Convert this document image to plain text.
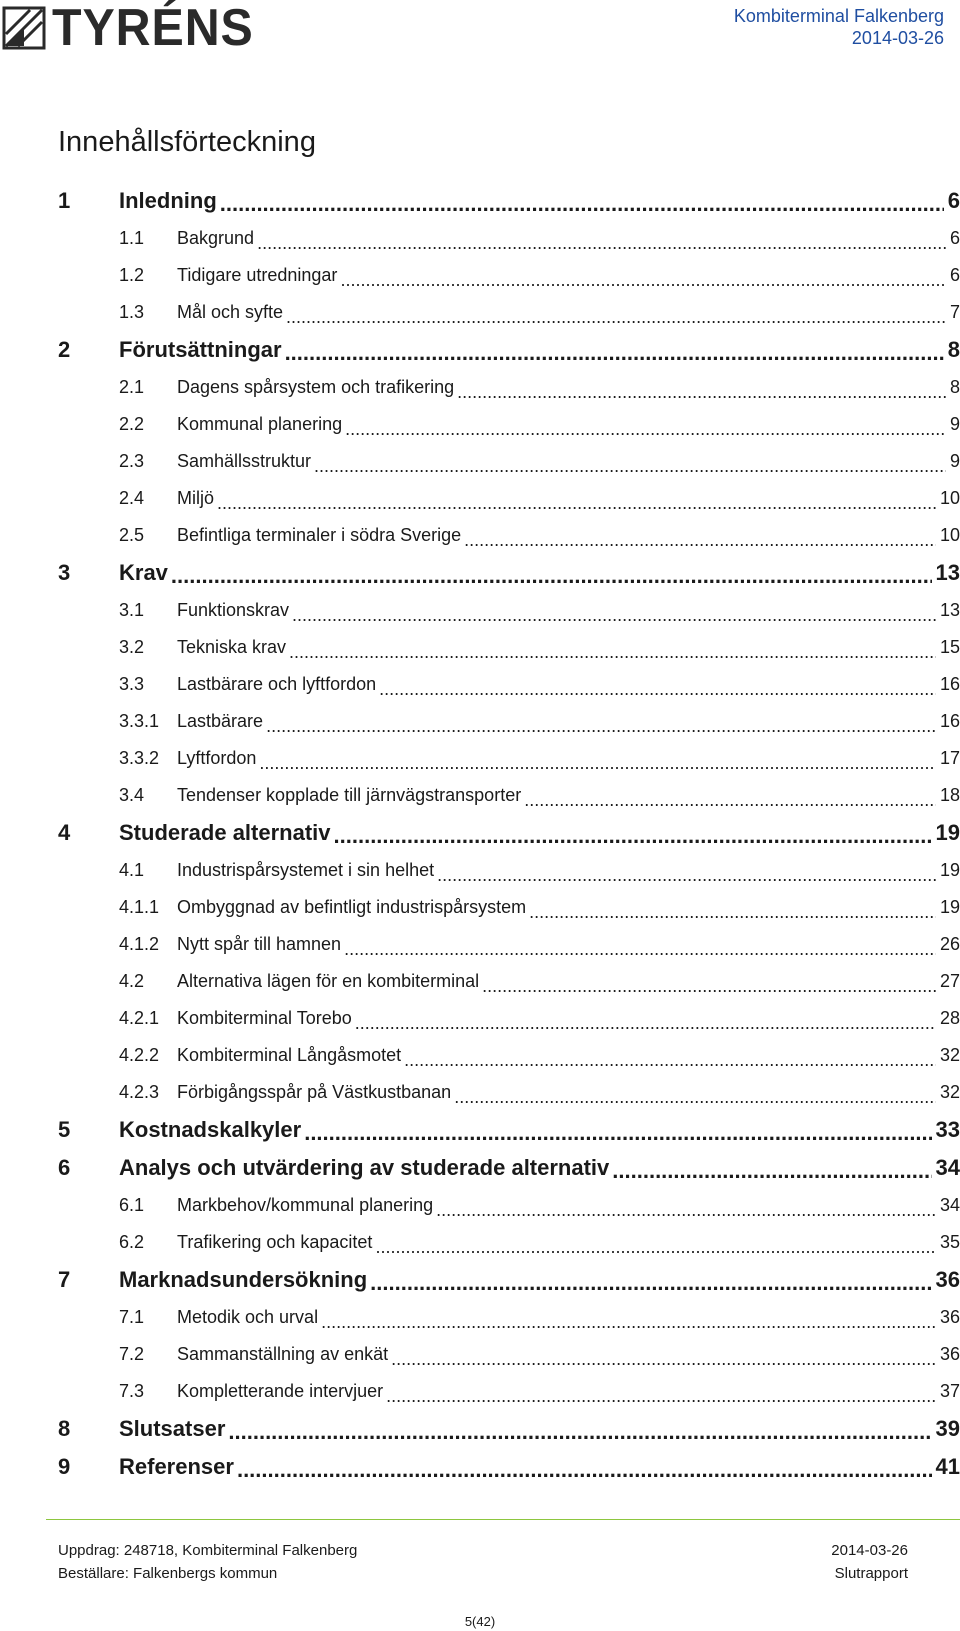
TYRÉNS	Kombiterminal Falkenberg
2014-03-26
Innehållsförteckning
1	Inledning .....	6
1.1	Bakgrund .....	6
1.2	Tidigare utredningar .....	6
1.3	Mål och syfte .....	7
2	Förutsättningar .....	8
2.1	Dagens spårsystem och trafikering .....	8
2.2	Kommunal planering .....	9
2.3	Samhällsstruktur .....	9
2.4	Miljö .....	10
2.5	Befintliga terminaler i södra Sverige .....	10
3	Krav .....	13
3.1	Funktionskrav .....	13
3.2	Tekniska krav .....	15
3.3	Lastbärare och lyftfordon .....	16
3.3.1 Lastbärare .....	16
3.3.2 Lyftfordon .....	17
3.4	Tendenser kopplade till järnvägstransporter .....	18
4	Studerade alternativ .....	19
4.1	Industrispårsystemet i sin helhet .....	19
4.1.1 Ombyggnad av befintligt industrispårsystem .....	19
4.1.2 Nytt spår till hamnen .....	26
4.2	Alternativa lägen för en kombiterminal .....	27
4.2.1 Kombiterminal Torebo .....	28
4.2.2 Kombiterminal Långåsmotet .....	32
4.2.3 Förbigångsspår på Västkustbanan .....	32
5	Kostnadskalkyler .....	33
6	Analys och utvärdering av studerade alternativ .....	34
6.1	Markbehov/kommunal planering .....	34
6.2	Trafikering och kapacitet .....	35
7	Marknadsundersökning .....	36
7.1	Metodik och urval .....	36
7.2	Sammanställning av enkät .....	36
7.3	Kompletterande intervjuer .....	37
8	Slutsatser .....	39
9	Referenser .....	41
Uppdrag: 248718, Kombiterminal Falkenberg	2014-03-26
Beställare: Falkenbergs kommun	Slutrapport
5(42)
